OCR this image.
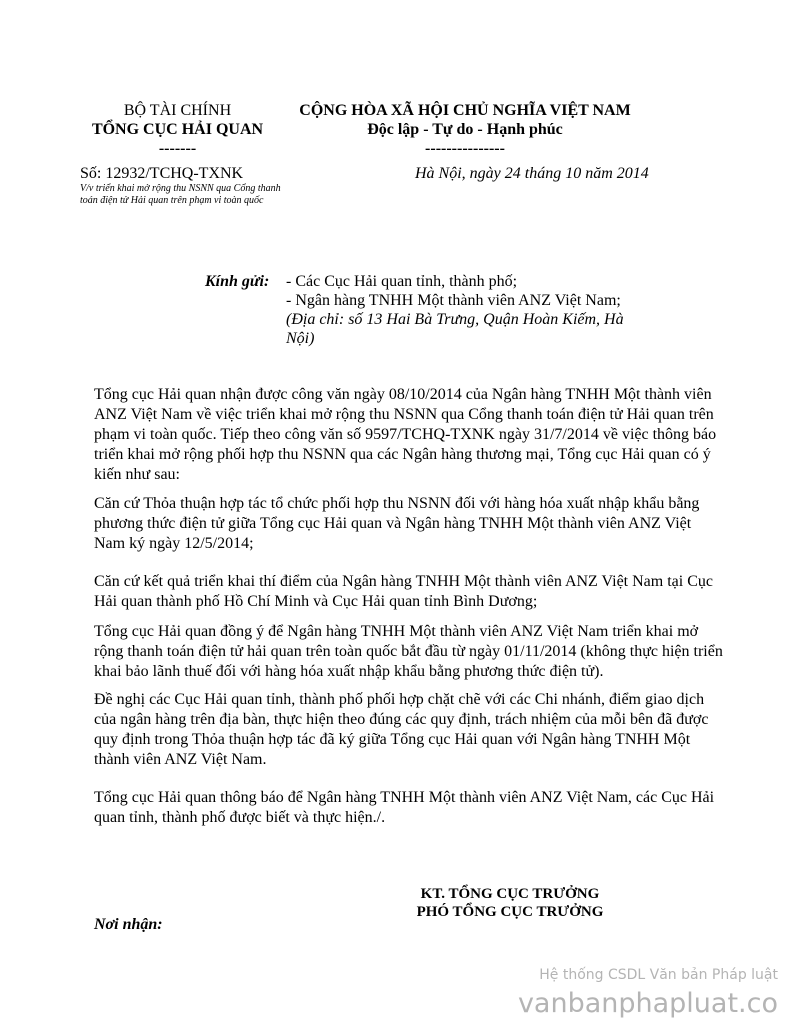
BỘ TÀI CHÍNH
TỔNG CỤC HẢI QUAN
-------
CỘNG HÒA XÃ HỘI CHỦ NGHĨA VIỆT NAM
Độc lập - Tự do - Hạnh phúc
---------------
Số: 12932/TCHQ-TXNK
V/v triển khai mở rộng thu NSNN qua Cổng thanh toán điện tử Hải quan trên phạm vi toàn quốc
Hà Nội, ngày 24 tháng 10 năm 2014
Kính gửi: - Các Cục Hải quan tỉnh, thành phố;
- Ngân hàng TNHH Một thành viên ANZ Việt Nam;
(Địa chỉ: số 13 Hai Bà Trưng, Quận Hoàn Kiếm, Hà Nội)
Tổng cục Hải quan nhận được công văn ngày 08/10/2014 của Ngân hàng TNHH Một thành viên ANZ Việt Nam về việc triển khai mở rộng thu NSNN qua Cổng thanh toán điện tử Hải quan trên phạm vi toàn quốc. Tiếp theo công văn số 9597/TCHQ-TXNK ngày 31/7/2014 về việc thông báo triển khai mở rộng phối hợp thu NSNN qua các Ngân hàng thương mại, Tổng cục Hải quan có ý kiến như sau:
Căn cứ Thỏa thuận hợp tác tổ chức phối hợp thu NSNN đối với hàng hóa xuất nhập khẩu bằng phương thức điện tử giữa Tổng cục Hải quan và Ngân hàng TNHH Một thành viên ANZ Việt Nam ký ngày 12/5/2014;
Căn cứ kết quả triển khai thí điểm của Ngân hàng TNHH Một thành viên ANZ Việt Nam tại Cục Hải quan thành phố Hồ Chí Minh và Cục Hải quan tỉnh Bình Dương;
Tổng cục Hải quan đồng ý để Ngân hàng TNHH Một thành viên ANZ Việt Nam triển khai mở rộng thanh toán điện tử hải quan trên toàn quốc bắt đầu từ ngày 01/11/2014 (không thực hiện triển khai bảo lãnh thuế đối với hàng hóa xuất nhập khẩu bằng phương thức điện tử).
Đề nghị các Cục Hải quan tỉnh, thành phố phối hợp chặt chẽ với các Chi nhánh, điểm giao dịch của ngân hàng trên địa bàn, thực hiện theo đúng các quy định, trách nhiệm của mỗi bên đã được quy định trong Thỏa thuận hợp tác đã ký giữa Tổng cục Hải quan với Ngân hàng TNHH Một thành viên ANZ Việt Nam.
Tổng cục Hải quan thông báo để Ngân hàng TNHH Một thành viên ANZ Việt Nam, các Cục Hải quan tỉnh, thành phố được biết và thực hiện./.
KT. TỔNG CỤC TRƯỞNG
PHÓ TỔNG CỤC TRƯỞNG
Nơi nhận:
Hệ thống CSDL Văn bản Pháp luật
vanbanphapluat.co
